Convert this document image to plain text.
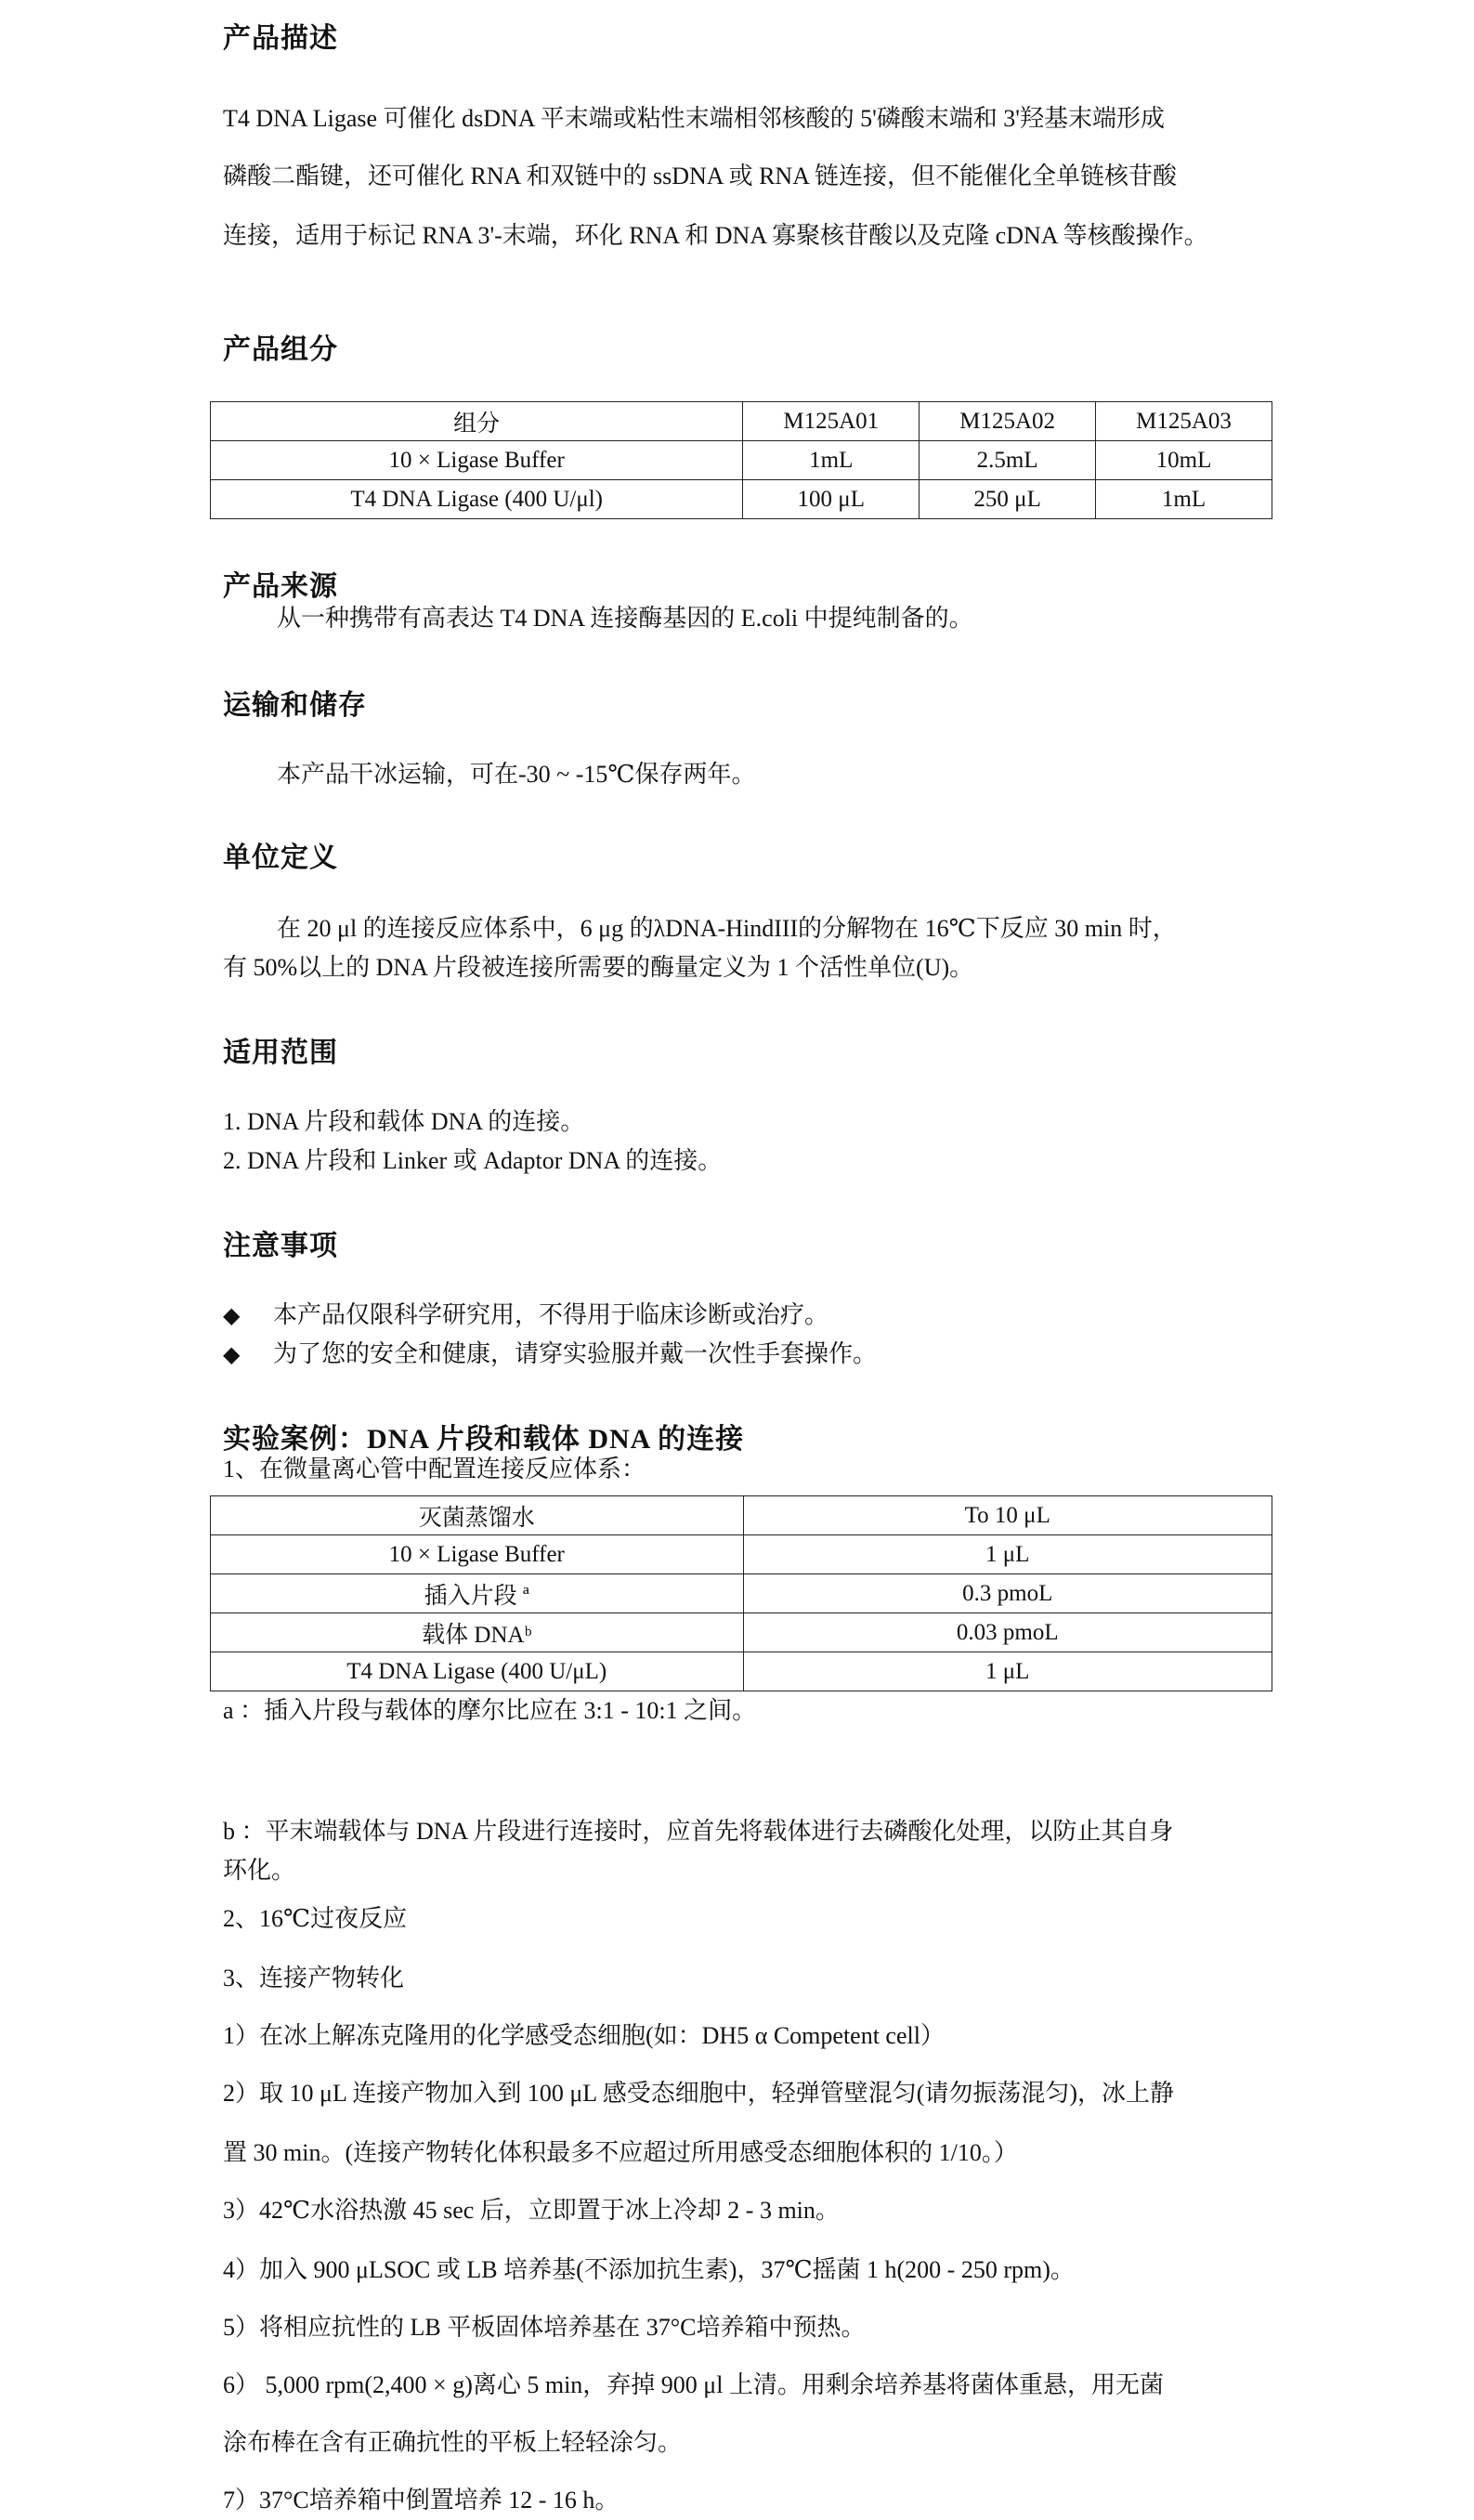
产品描述
T4 DNA Ligase 可催化 dsDNA 平末端或粘性末端相邻核酸的 5'磷酸末端和 3'羟基末端形成
磷酸二酯键，还可催化 RNA 和双链中的 ssDNA 或 RNA 链连接，但不能催化全单链核苷酸
连接，适用于标记 RNA 3'-末端，环化 RNA 和 DNA 寡聚核苷酸以及克隆 cDNA 等核酸操作。
产品组分
组分	M125A01	M125A02	M125A03
10 × Ligase Buffer	1mL	2.5mL	10mL
T4 DNA Ligase (400 U/μl)	100 μL	250 μL	1mL
产品来源
从一种携带有高表达 T4 DNA 连接酶基因的 E.coli 中提纯制备的。
运输和储存
本产品干冰运输，可在-30 ~ -15℃保存两年。
单位定义
在 20 μl 的连接反应体系中，6 μg 的λDNA-HindIII的分解物在 16℃下反应 30 min 时，
有 50%以上的 DNA 片段被连接所需要的酶量定义为 1 个活性单位(U)。
适用范围
1. DNA 片段和载体 DNA 的连接。
2. DNA 片段和 Linker 或 Adaptor DNA 的连接。
注意事项
◆ 本产品仅限科学研究用，不得用于临床诊断或治疗。
◆ 为了您的安全和健康，请穿实验服并戴一次性手套操作。
实验案例：DNA 片段和载体 DNA 的连接
1、在微量离心管中配置连接反应体系：
灭菌蒸馏水	To 10 μL
10 × Ligase Buffer	1 μL
插入片段 ª	0.3 pmoL
载体 DNAᵇ	0.03 pmoL
T4 DNA Ligase (400 U/μL)	1 μL
a ：插入片段与载体的摩尔比应在 3:1 - 10:1 之间。
b ：平末端载体与 DNA 片段进行连接时，应首先将载体进行去磷酸化处理，以防止其自身
环化。
2、16℃过夜反应
3、连接产物转化
1）在冰上解冻克隆用的化学感受态细胞(如：DH5 α Competent cell）
2）取 10 μL 连接产物加入到 100 μL 感受态细胞中，轻弹管壁混匀(请勿振荡混匀)，冰上静
置 30 min。(连接产物转化体积最多不应超过所用感受态细胞体积的 1/10。）
3）42℃水浴热激 45 sec 后，立即置于冰上冷却 2 - 3 min。
4）加入 900 μLSOC 或 LB 培养基(不添加抗生素)，37℃摇菌 1 h(200 - 250 rpm)。
5）将相应抗性的 LB 平板固体培养基在 37°C培养箱中预热。
6） 5,000 rpm(2,400 × g)离心 5 min，弃掉 900 μl 上清。用剩余培养基将菌体重悬，用无菌
涂布棒在含有正确抗性的平板上轻轻涂匀。
7）37°C培养箱中倒置培养 12 - 16 h。
